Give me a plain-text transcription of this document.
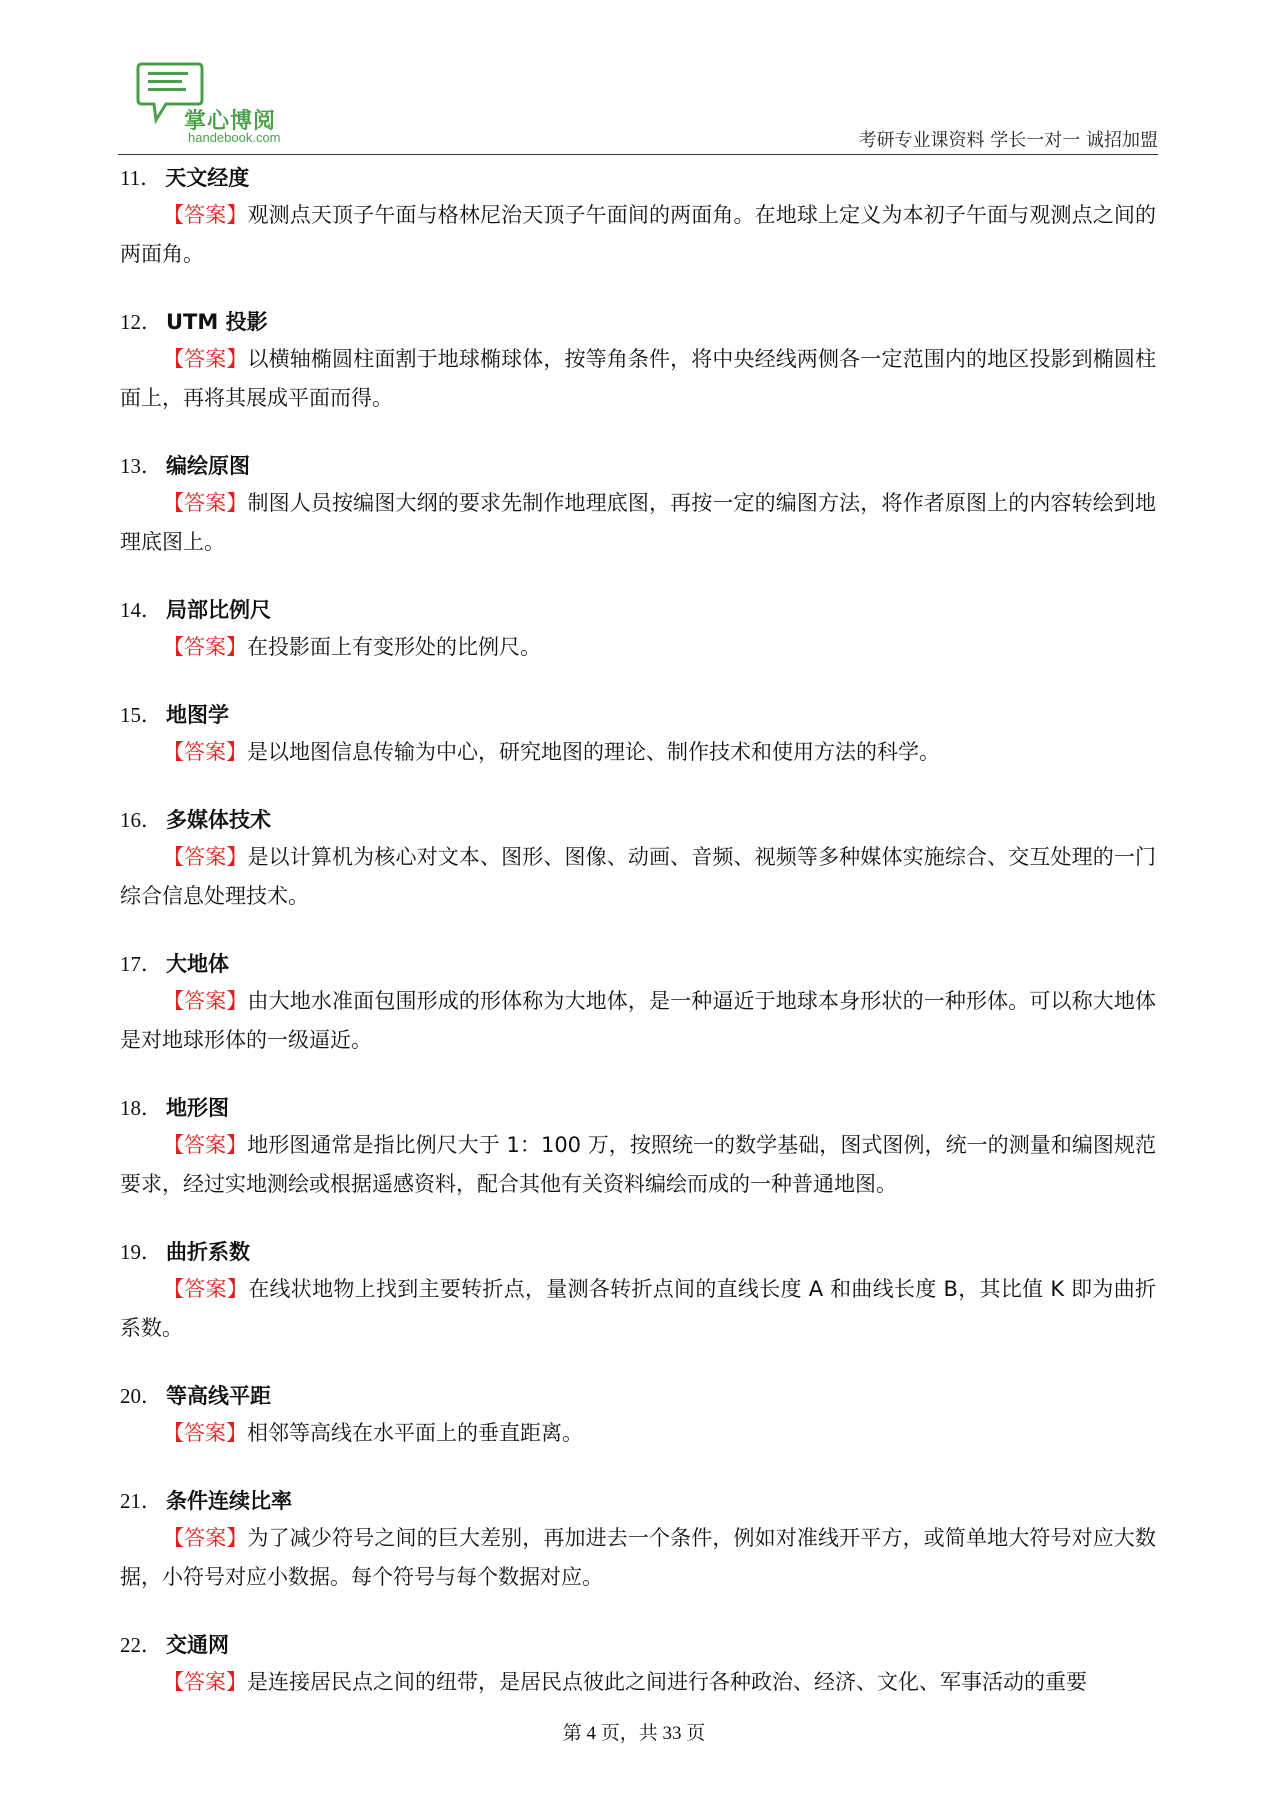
掌心博阅
handebook.com	考研专业课资料 学长一对一 诚招加盟
11． 天文经度
【答案】观测点天顶子午面与格林尼治天顶子午面间的两面角。在地球上定义为本初子午面与观测点之间的两面角。
12． UTM 投影
【答案】以横轴椭圆柱面割于地球椭球体，按等角条件，将中央经线两侧各一定范围内的地区投影到椭圆柱面上，再将其展成平面而得。
13． 编绘原图
【答案】制图人员按编图大纲的要求先制作地理底图，再按一定的编图方法，将作者原图上的内容转绘到地理底图上。
14． 局部比例尺
【答案】在投影面上有变形处的比例尺。
15． 地图学
【答案】是以地图信息传输为中心，研究地图的理论、制作技术和使用方法的科学。
16． 多媒体技术
【答案】是以计算机为核心对文本、图形、图像、动画、音频、视频等多种媒体实施综合、交互处理的一门综合信息处理技术。
17． 大地体
【答案】由大地水准面包围形成的形体称为大地体，是一种逼近于地球本身形状的一种形体。可以称大地体是对地球形体的一级逼近。
18． 地形图
【答案】地形图通常是指比例尺大于 1：100 万，按照统一的数学基础，图式图例，统一的测量和编图规范要求，经过实地测绘或根据遥感资料，配合其他有关资料编绘而成的一种普通地图。
19． 曲折系数
【答案】在线状地物上找到主要转折点，量测各转折点间的直线长度 A 和曲线长度 B，其比值 K 即为曲折系数。
20． 等高线平距
【答案】相邻等高线在水平面上的垂直距离。
21． 条件连续比率
【答案】为了减少符号之间的巨大差别，再加进去一个条件，例如对准线开平方，或简单地大符号对应大数据，小符号对应小数据。每个符号与每个数据对应。
22． 交通网
【答案】是连接居民点之间的纽带，是居民点彼此之间进行各种政治、经济、文化、军事活动的重要
第 4 页，共 33 页
